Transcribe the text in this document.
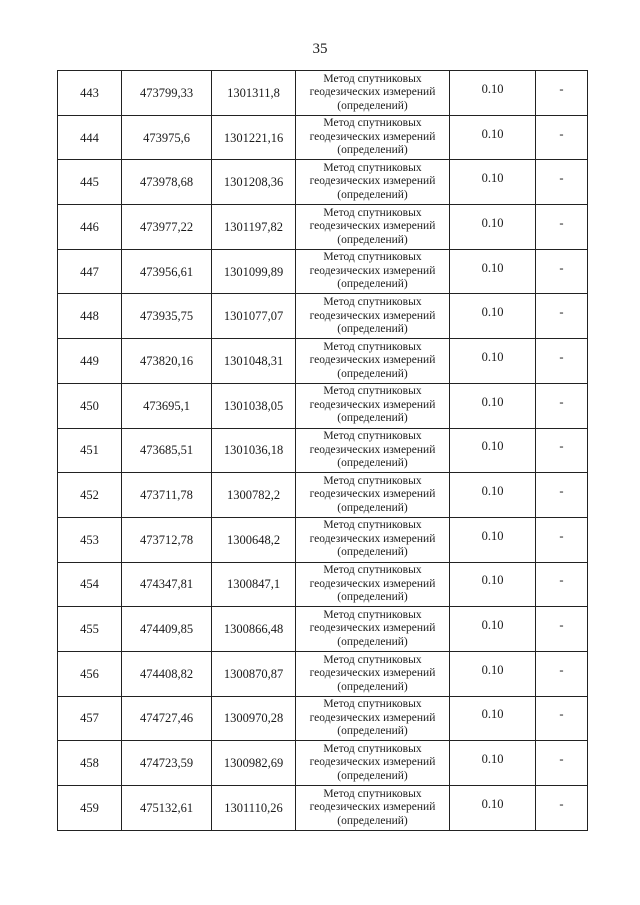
35
443	473799,33	1301311,8	Метод спутниковых
геодезических измерений
(определений)	0.10	-
444	473975,6	1301221,16	Метод спутниковых
геодезических измерений
(определений)	0.10	-
445	473978,68	1301208,36	Метод спутниковых
геодезических измерений
(определений)	0.10	-
446	473977,22	1301197,82	Метод спутниковых
геодезических измерений
(определений)	0.10	-
447	473956,61	1301099,89	Метод спутниковых
геодезических измерений
(определений)	0.10	-
448	473935,75	1301077,07	Метод спутниковых
геодезических измерений
(определений)	0.10	-
449	473820,16	1301048,31	Метод спутниковых
геодезических измерений
(определений)	0.10	-
450	473695,1	1301038,05	Метод спутниковых
геодезических измерений
(определений)	0.10	-
451	473685,51	1301036,18	Метод спутниковых
геодезических измерений
(определений)	0.10	-
452	473711,78	1300782,2	Метод спутниковых
геодезических измерений
(определений)	0.10	-
453	473712,78	1300648,2	Метод спутниковых
геодезических измерений
(определений)	0.10	-
454	474347,81	1300847,1	Метод спутниковых
геодезических измерений
(определений)	0.10	-
455	474409,85	1300866,48	Метод спутниковых
геодезических измерений
(определений)	0.10	-
456	474408,82	1300870,87	Метод спутниковых
геодезических измерений
(определений)	0.10	-
457	474727,46	1300970,28	Метод спутниковых
геодезических измерений
(определений)	0.10	-
458	474723,59	1300982,69	Метод спутниковых
геодезических измерений
(определений)	0.10	-
459	475132,61	1301110,26	Метод спутниковых
геодезических измерений
(определений)	0.10	-
